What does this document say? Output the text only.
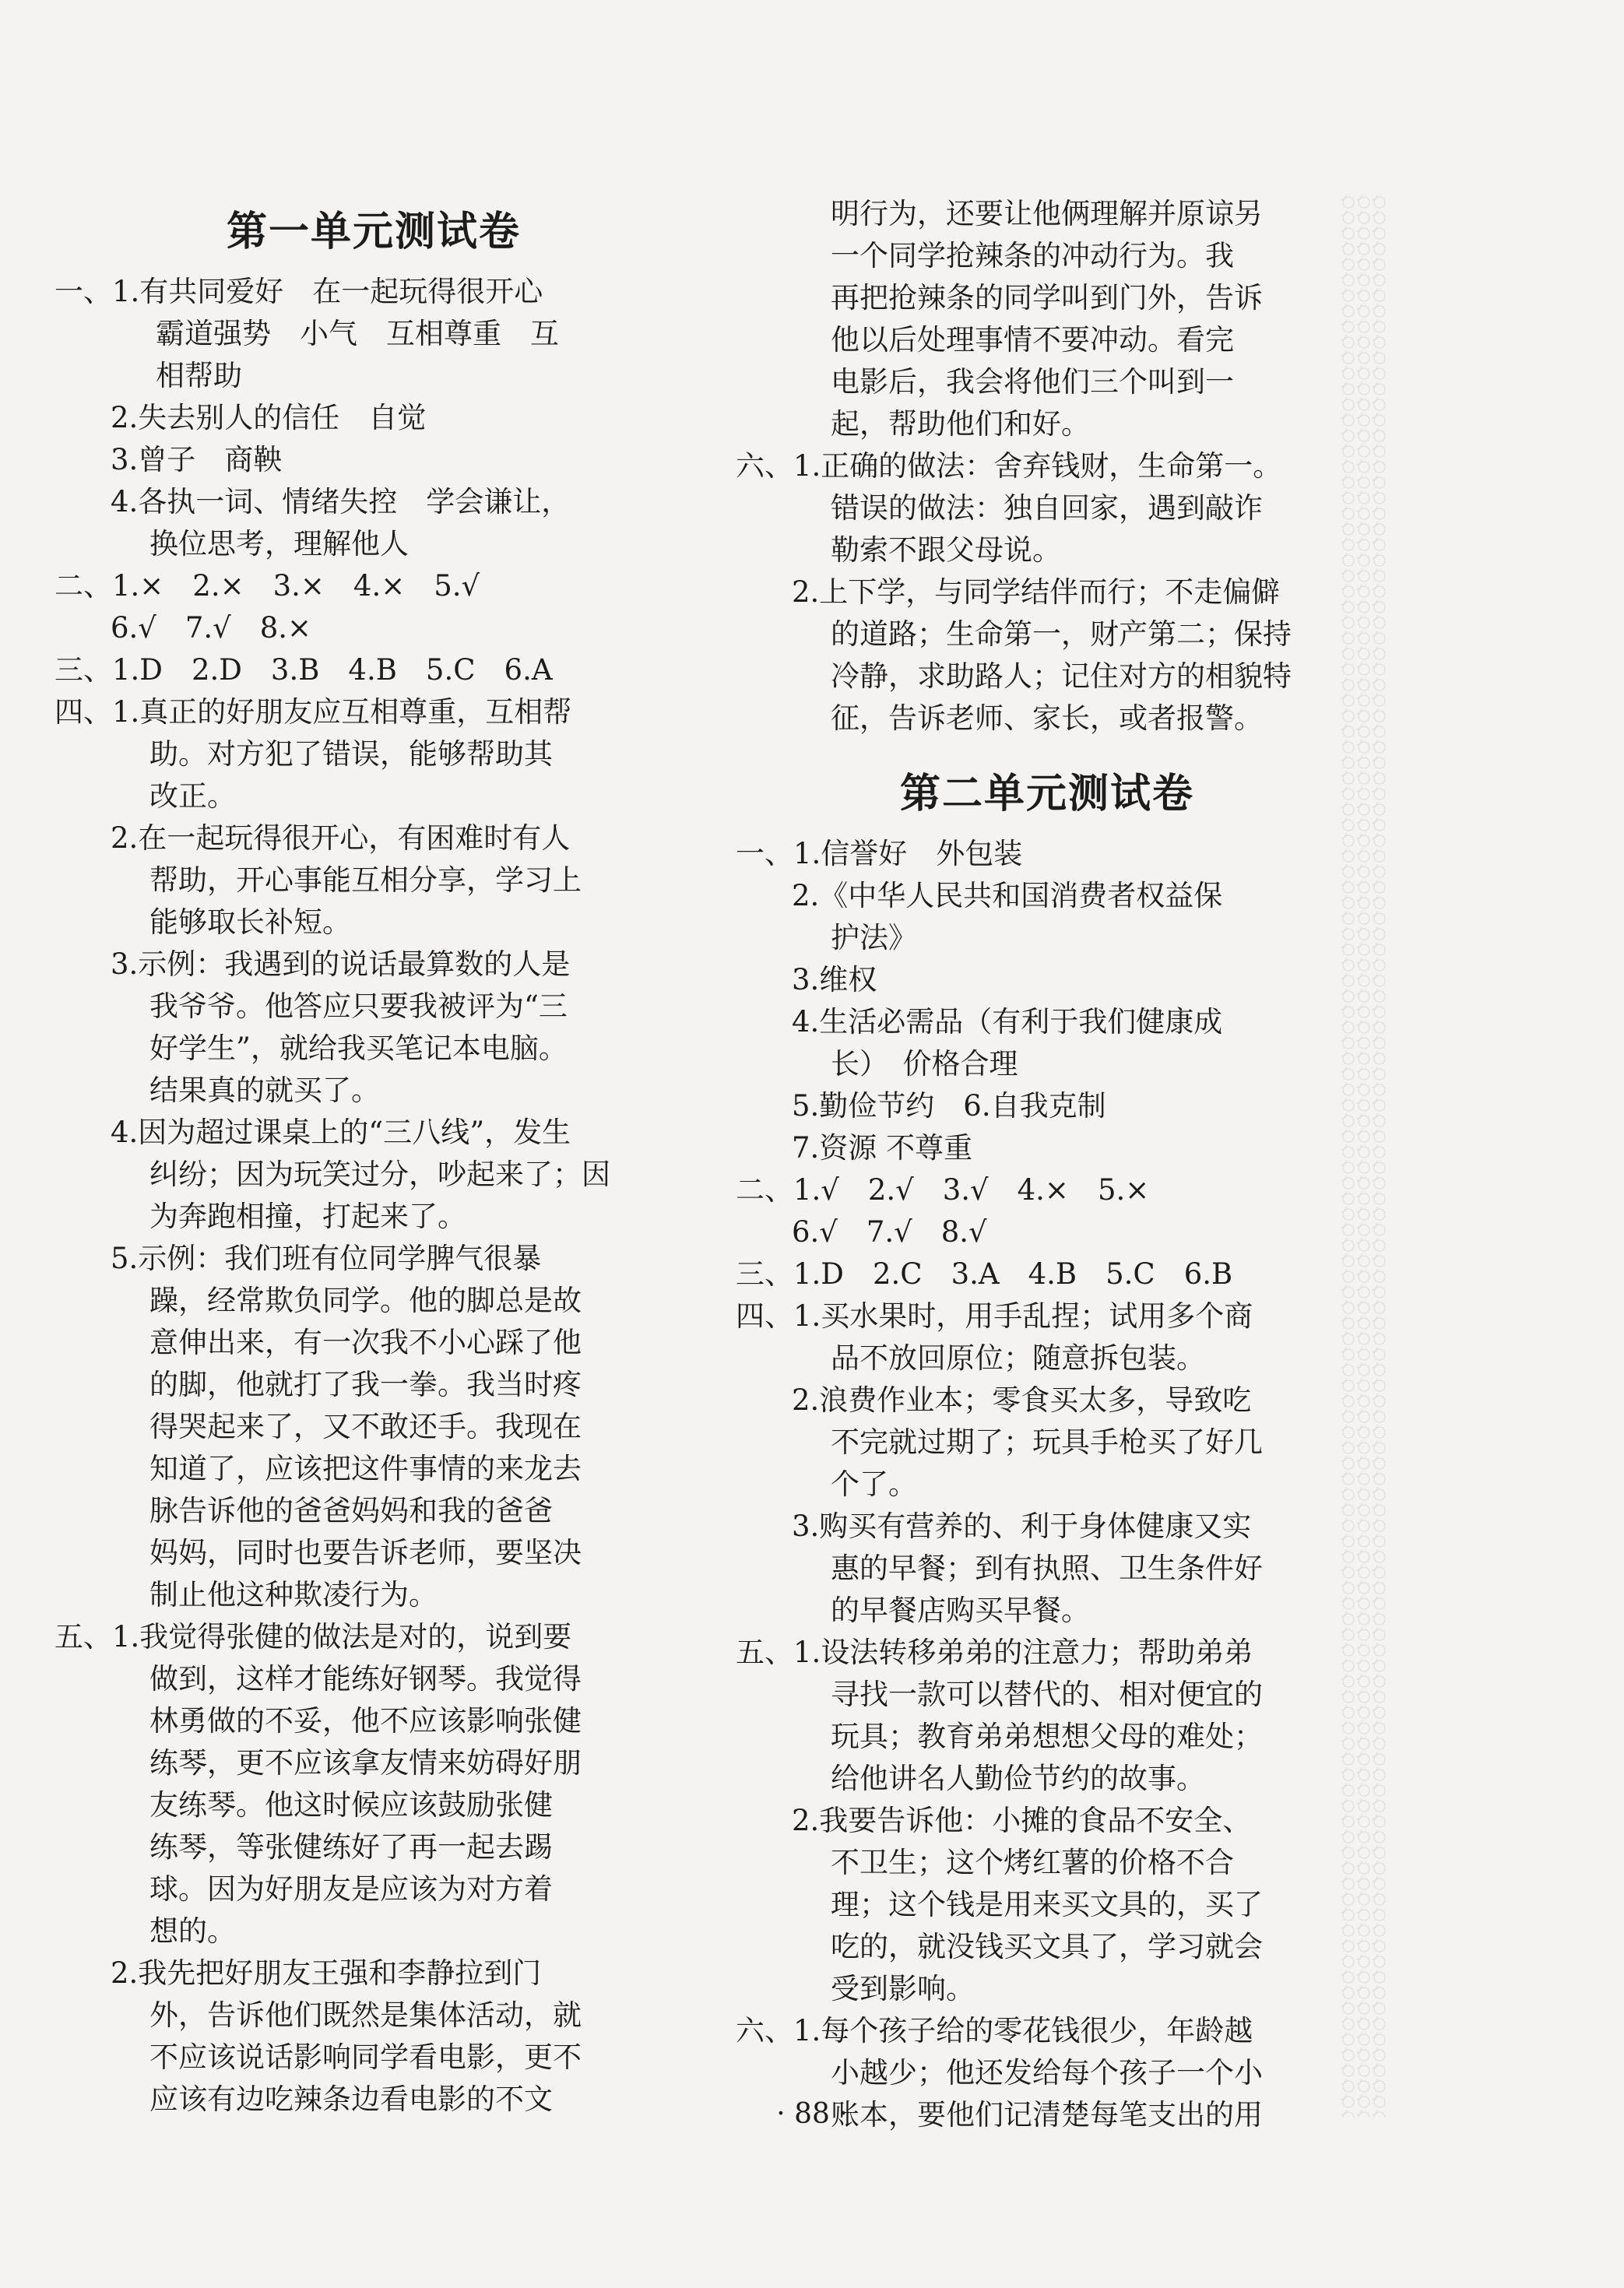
第一单元测试卷
一、1.有共同爱好　在一起玩得很开心
霸道强势　小气　互相尊重　互
相帮助
2.失去别人的信任　自觉
3.曾子　商鞅
4.各执一词、情绪失控　学会谦让，
换位思考，理解他人
二、1.×　2.×　3.×　4.×　5.√
6.√　7.√　8.×
三、1.D　2.D　3.B　4.B　5.C　6.A
四、1.真正的好朋友应互相尊重，互相帮
助。对方犯了错误，能够帮助其
改正。
2.在一起玩得很开心，有困难时有人
帮助，开心事能互相分享，学习上
能够取长补短。
3.示例：我遇到的说话最算数的人是
我爷爷。他答应只要我被评为“三
好学生”，就给我买笔记本电脑。
结果真的就买了。
4.因为超过课桌上的“三八线”，发生
纠纷；因为玩笑过分，吵起来了；因
为奔跑相撞，打起来了。
5.示例：我们班有位同学脾气很暴
躁，经常欺负同学。他的脚总是故
意伸出来，有一次我不小心踩了他
的脚，他就打了我一拳。我当时疼
得哭起来了，又不敢还手。我现在
知道了，应该把这件事情的来龙去
脉告诉他的爸爸妈妈和我的爸爸
妈妈，同时也要告诉老师，要坚决
制止他这种欺凌行为。
五、1.我觉得张健的做法是对的，说到要
做到，这样才能练好钢琴。我觉得
林勇做的不妥，他不应该影响张健
练琴，更不应该拿友情来妨碍好朋
友练琴。他这时候应该鼓励张健
练琴，等张健练好了再一起去踢
球。因为好朋友是应该为对方着
想的。
2.我先把好朋友王强和李静拉到门
外，告诉他们既然是集体活动，就
不应该说话影响同学看电影，更不
应该有边吃辣条边看电影的不文
明行为，还要让他俩理解并原谅另
一个同学抢辣条的冲动行为。我
再把抢辣条的同学叫到门外，告诉
他以后处理事情不要冲动。看完
电影后，我会将他们三个叫到一
起，帮助他们和好。
六、1.正确的做法：舍弃钱财，生命第一。
错误的做法：独自回家，遇到敲诈
勒索不跟父母说。
2.上下学，与同学结伴而行；不走偏僻
的道路；生命第一，财产第二；保持
冷静，求助路人；记住对方的相貌特
征，告诉老师、家长，或者报警。
第二单元测试卷
一、1.信誉好　外包装
2.《中华人民共和国消费者权益保
护法》
3.维权
4.生活必需品（有利于我们健康成
长）　价格合理
5.勤俭节约　6.自我克制
7.资源 不尊重
二、1.√　2.√　3.√　4.×　5.×
6.√　7.√　8.√
三、1.D　2.C　3.A　4.B　5.C　6.B
四、1.买水果时，用手乱捏；试用多个商
品不放回原位；随意拆包装。
2.浪费作业本；零食买太多，导致吃
不完就过期了；玩具手枪买了好几
个了。
3.购买有营养的、利于身体健康又实
惠的早餐；到有执照、卫生条件好
的早餐店购买早餐。
五、1.设法转移弟弟的注意力；帮助弟弟
寻找一款可以替代的、相对便宜的
玩具；教育弟弟想想父母的难处；
给他讲名人勤俭节约的故事。
2.我要告诉他：小摊的食品不安全、
不卫生；这个烤红薯的价格不合
理；这个钱是用来买文具的，买了
吃的，就没钱买文具了，学习就会
受到影响。
六、1.每个孩子给的零花钱很少，年龄越
小越少；他还发给每个孩子一个小
账本，要他们记清楚每笔支出的用
· 88 ·
